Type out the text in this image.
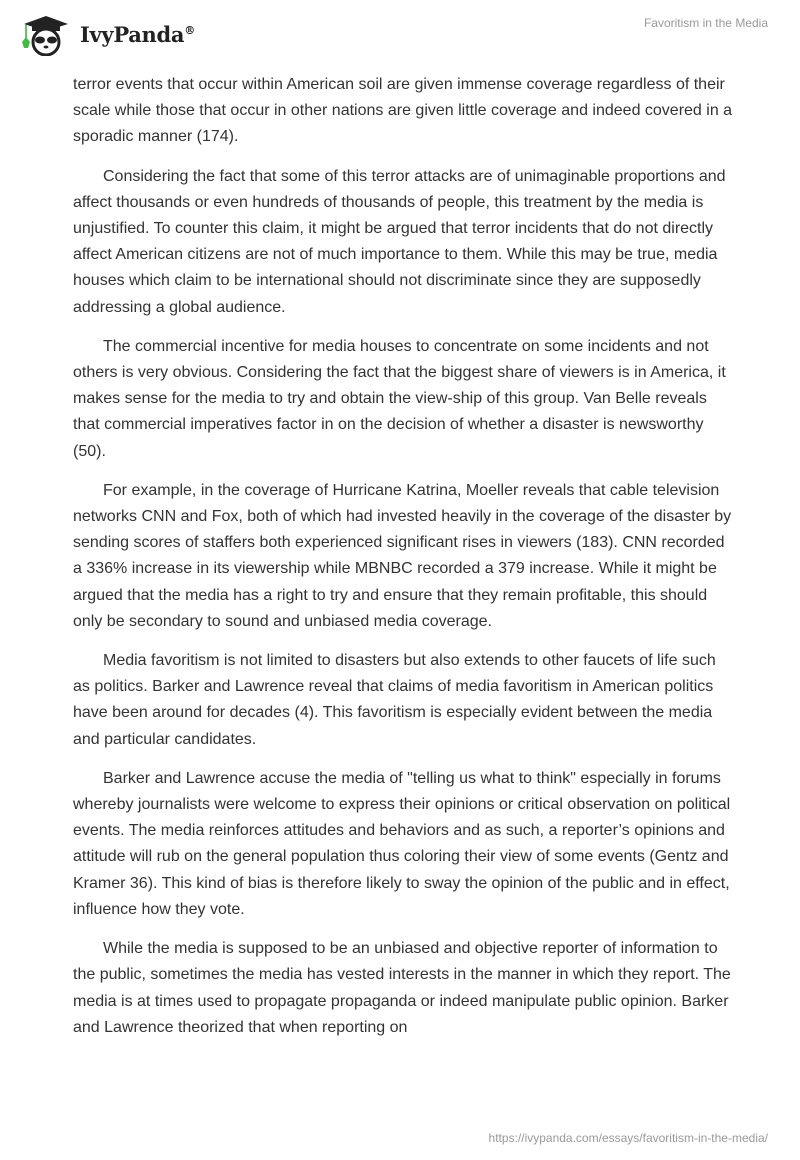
IvyPanda®	Favoritism in the Media

terror events that occur within American soil are given immense coverage regardless of their scale while those that occur in other nations are given little coverage and indeed covered in a sporadic manner (174).

Considering the fact that some of this terror attacks are of unimaginable proportions and affect thousands or even hundreds of thousands of people, this treatment by the media is unjustified. To counter this claim, it might be argued that terror incidents that do not directly affect American citizens are not of much importance to them. While this may be true, media houses which claim to be international should not discriminate since they are supposedly addressing a global audience.

The commercial incentive for media houses to concentrate on some incidents and not others is very obvious. Considering the fact that the biggest share of viewers is in America, it makes sense for the media to try and obtain the view-ship of this group. Van Belle reveals that commercial imperatives factor in on the decision of whether a disaster is newsworthy (50).

For example, in the coverage of Hurricane Katrina, Moeller reveals that cable television networks CNN and Fox, both of which had invested heavily in the coverage of the disaster by sending scores of staffers both experienced significant rises in viewers (183). CNN recorded a 336% increase in its viewership while MBNBC recorded a 379 increase. While it might be argued that the media has a right to try and ensure that they remain profitable, this should only be secondary to sound and unbiased media coverage.

Media favoritism is not limited to disasters but also extends to other faucets of life such as politics. Barker and Lawrence reveal that claims of media favoritism in American politics have been around for decades (4). This favoritism is especially evident between the media and particular candidates.

Barker and Lawrence accuse the media of "telling us what to think" especially in forums whereby journalists were welcome to express their opinions or critical observation on political events. The media reinforces attitudes and behaviors and as such, a reporter’s opinions and attitude will rub on the general population thus coloring their view of some events (Gentz and Kramer 36). This kind of bias is therefore likely to sway the opinion of the public and in effect, influence how they vote.

While the media is supposed to be an unbiased and objective reporter of information to the public, sometimes the media has vested interests in the manner in which they report. The media is at times used to propagate propaganda or indeed manipulate public opinion. Barker and Lawrence theorized that when reporting on

https://ivypanda.com/essays/favoritism-in-the-media/
